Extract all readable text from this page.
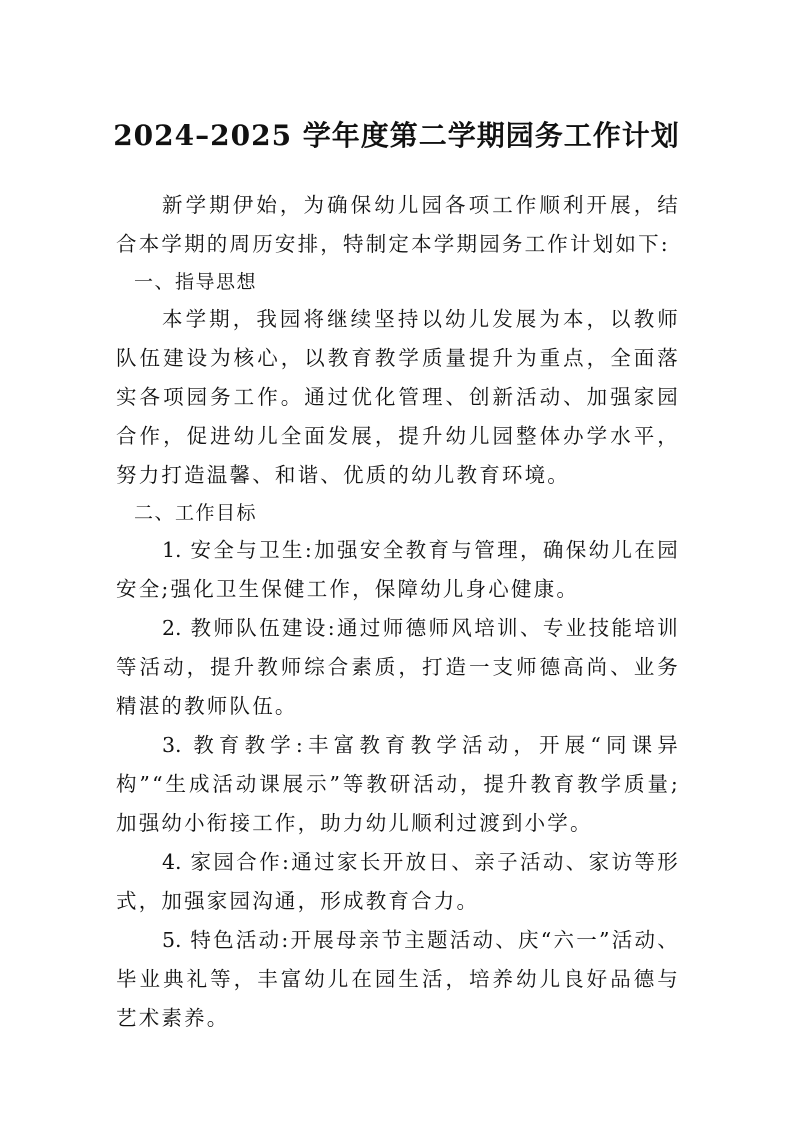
2024–2025 学年度第二学期园务工作计划

新学期伊始，为确保幼儿园各项工作顺利开展，结合本学期的周历安排，特制定本学期园务工作计划如下:

一、指导思想

本学期，我园将继续坚持以幼儿发展为本，以教师队伍建设为核心，以教育教学质量提升为重点，全面落实各项园务工作。通过优化管理、创新活动、加强家园合作，促进幼儿全面发展，提升幼儿园整体办学水平，努力打造温馨、和谐、优质的幼儿教育环境。

二、工作目标

1. 安全与卫生:加强安全教育与管理，确保幼儿在园安全;强化卫生保健工作，保障幼儿身心健康。

2. 教师队伍建设:通过师德师风培训、专业技能培训等活动，提升教师综合素质，打造一支师德高尚、业务精湛的教师队伍。

3. 教育教学:丰富教育教学活动，开展“同课异构”“生成活动课展示”等教研活动，提升教育教学质量;加强幼小衔接工作，助力幼儿顺利过渡到小学。

4. 家园合作:通过家长开放日、亲子活动、家访等形式，加强家园沟通，形成教育合力。

5. 特色活动:开展母亲节主题活动、庆“六一”活动、毕业典礼等，丰富幼儿在园生活，培养幼儿良好品德与艺术素养。
